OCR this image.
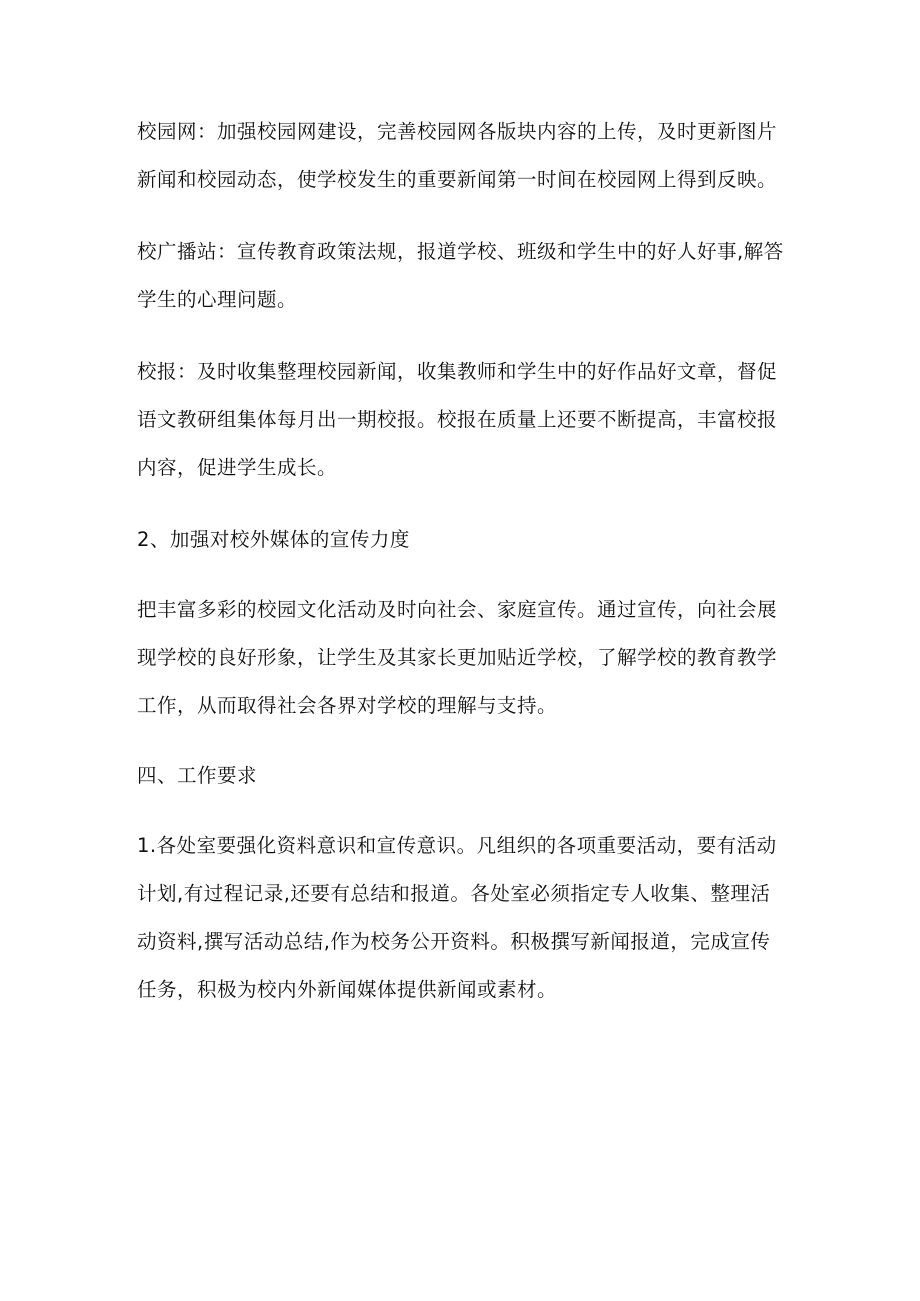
校园网：加强校园网建设，完善校园网各版块内容的上传，及时更新图片新闻和校园动态，使学校发生的重要新闻第一时间在校园网上得到反映。

校广播站：宣传教育政策法规，报道学校、班级和学生中的好人好事,解答学生的心理问题。

校报：及时收集整理校园新闻，收集教师和学生中的好作品好文章，督促语文教研组集体每月出一期校报。校报在质量上还要不断提高，丰富校报内容，促进学生成长。

2、加强对校外媒体的宣传力度

把丰富多彩的校园文化活动及时向社会、家庭宣传。通过宣传，向社会展现学校的良好形象，让学生及其家长更加贴近学校，了解学校的教育教学工作，从而取得社会各界对学校的理解与支持。

四、工作要求

1.各处室要强化资料意识和宣传意识。凡组织的各项重要活动，要有活动计划,有过程记录,还要有总结和报道。各处室必须指定专人收集、整理活动资料,撰写活动总结,作为校务公开资料。积极撰写新闻报道，完成宣传任务，积极为校内外新闻媒体提供新闻或素材。
